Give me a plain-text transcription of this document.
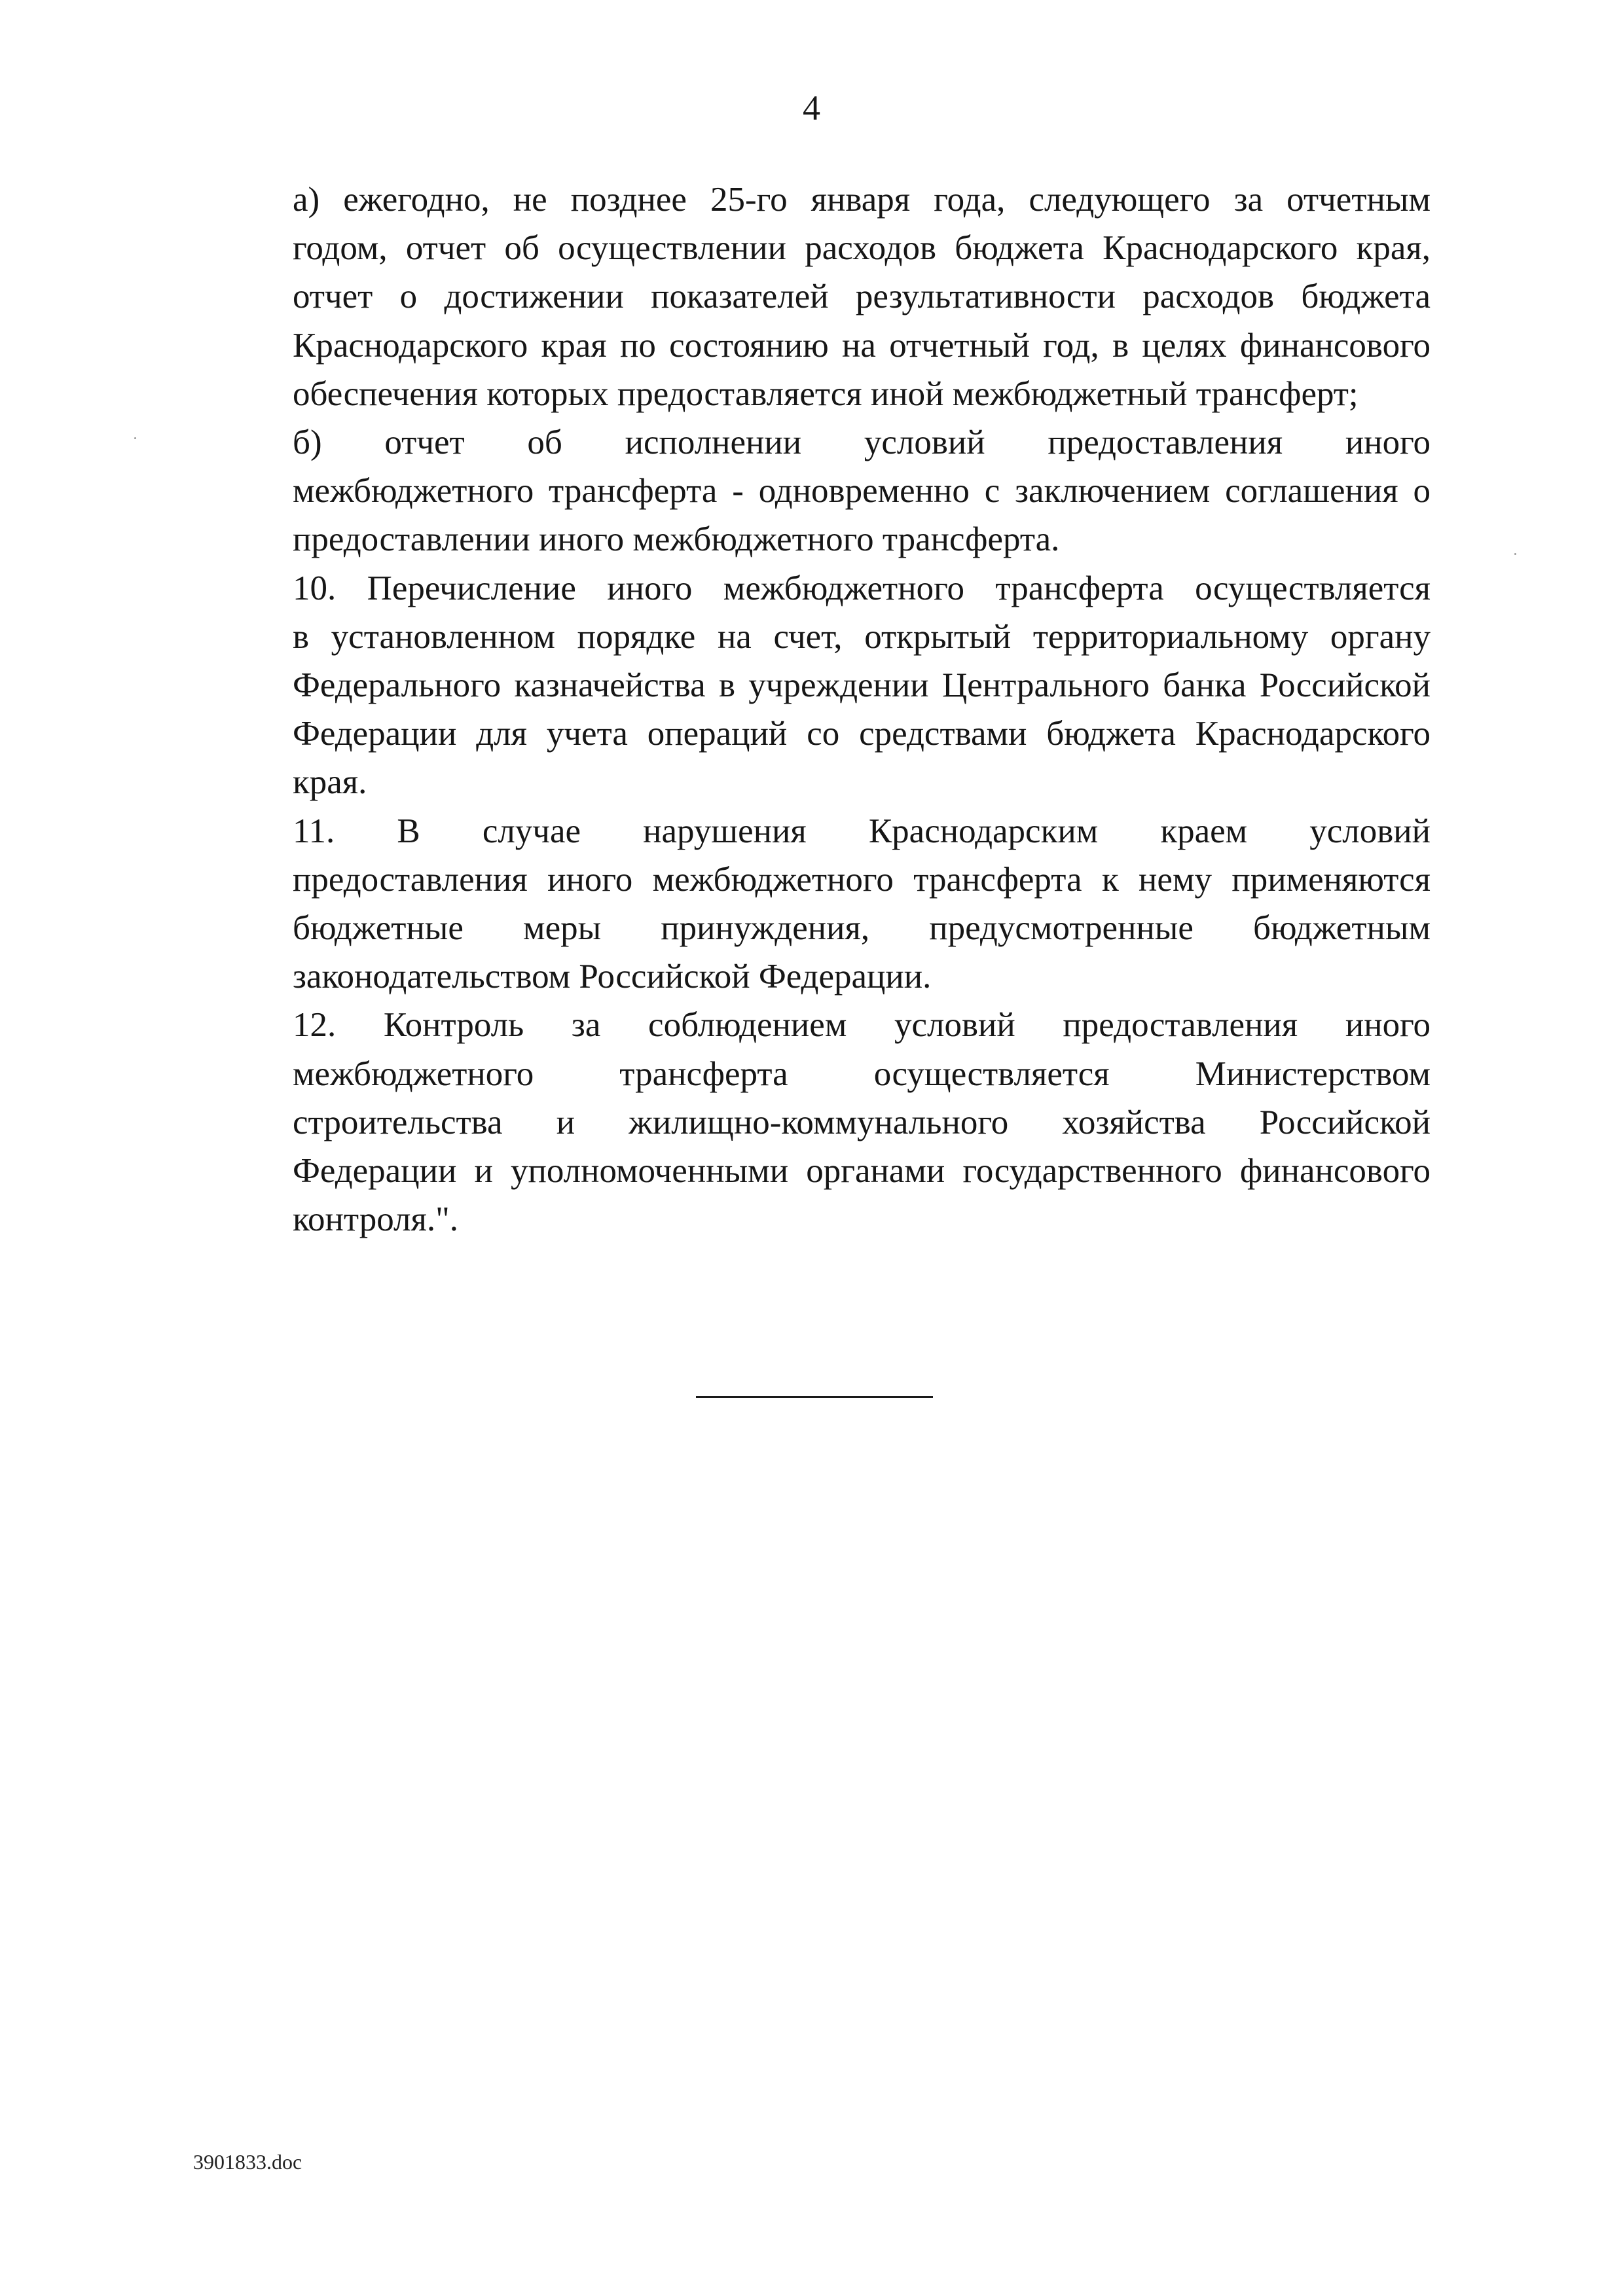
4

а) ежегодно, не позднее 25-го января года, следующего за отчетным
годом, отчет об осуществлении расходов бюджета Краснодарского края,
отчет о достижении показателей результативности расходов бюджета
Краснодарского края по состоянию на отчетный год, в целях финансового
обеспечения которых предоставляется иной межбюджетный трансферт;

б) отчет об исполнении условий предоставления иного
межбюджетного трансферта - одновременно с заключением соглашения о
предоставлении иного межбюджетного трансферта.

10. Перечисление иного межбюджетного трансферта осуществляется
в установленном порядке на счет, открытый территориальному органу
Федерального казначейства в учреждении Центрального банка Российской
Федерации для учета операций со средствами бюджета Краснодарского
края.

11. В случае нарушения Краснодарским краем условий
предоставления иного межбюджетного трансферта к нему применяются
бюджетные меры принуждения, предусмотренные бюджетным
законодательством Российской Федерации.

12. Контроль за соблюдением условий предоставления иного
межбюджетного трансферта осуществляется Министерством
строительства и жилищно-коммунального хозяйства Российской
Федерации и уполномоченными органами государственного финансового
контроля.".

3901833.doc
